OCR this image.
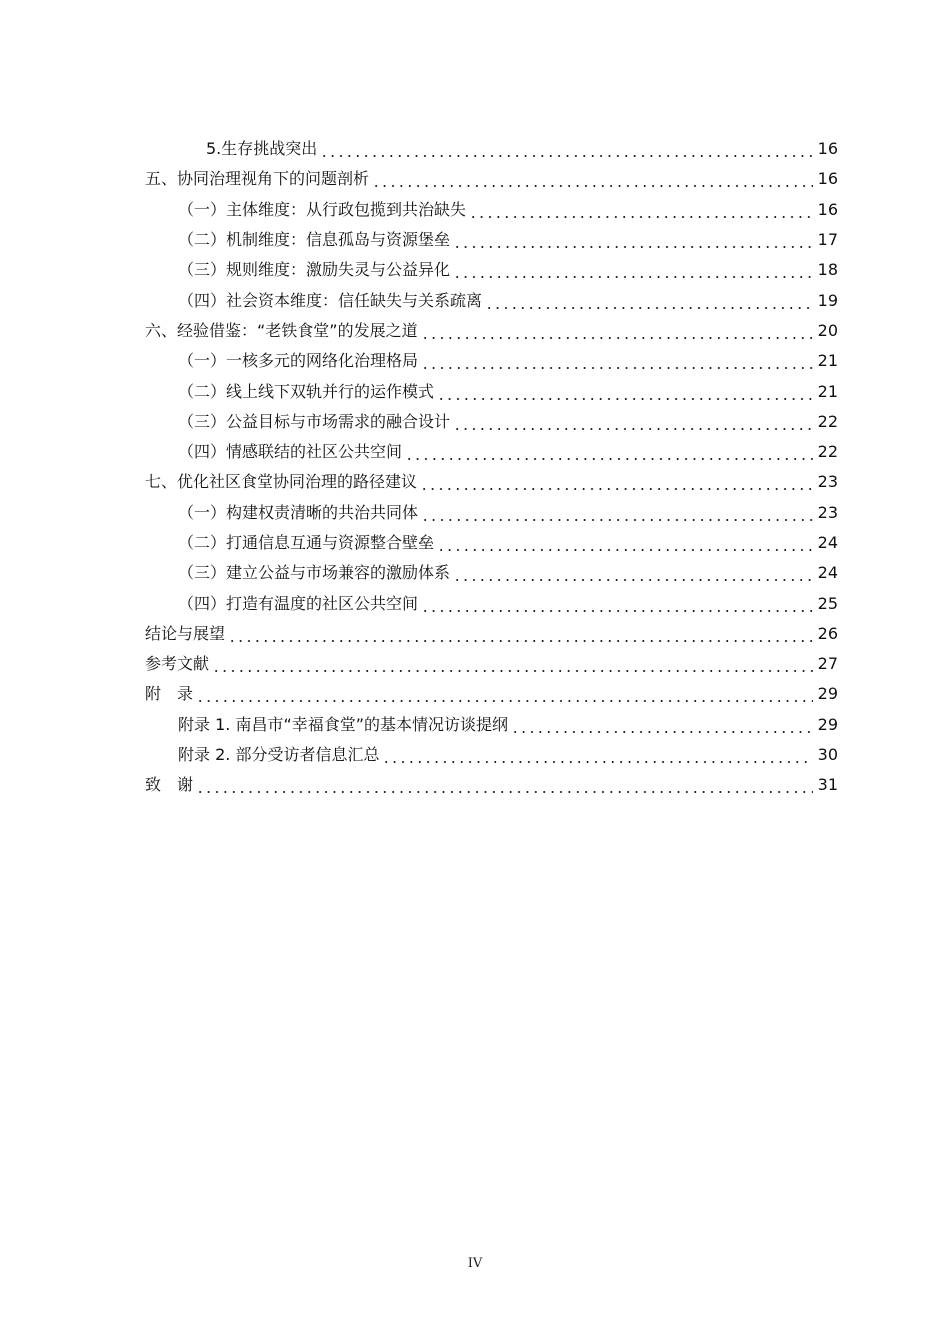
5.生存挑战突出	16
五、协同治理视角下的问题剖析	16
（一）主体维度：从行政包揽到共治缺失	16
（二）机制维度：信息孤岛与资源堡垒	17
（三）规则维度：激励失灵与公益异化	18
（四）社会资本维度：信任缺失与关系疏离	19
六、经验借鉴：“老铁食堂”的发展之道	20
（一）一核多元的网络化治理格局	21
（二）线上线下双轨并行的运作模式	21
（三）公益目标与市场需求的融合设计	22
（四）情感联结的社区公共空间	22
七、优化社区食堂协同治理的路径建议	23
（一）构建权责清晰的共治共同体	23
（二）打通信息互通与资源整合壁垒	24
（三）建立公益与市场兼容的激励体系	24
（四）打造有温度的社区公共空间	25
结论与展望	26
参考文献	27
附　录	29
附录 1. 南昌市“幸福食堂”的基本情况访谈提纲	29
附录 2. 部分受访者信息汇总	30
致　谢	31
IV
